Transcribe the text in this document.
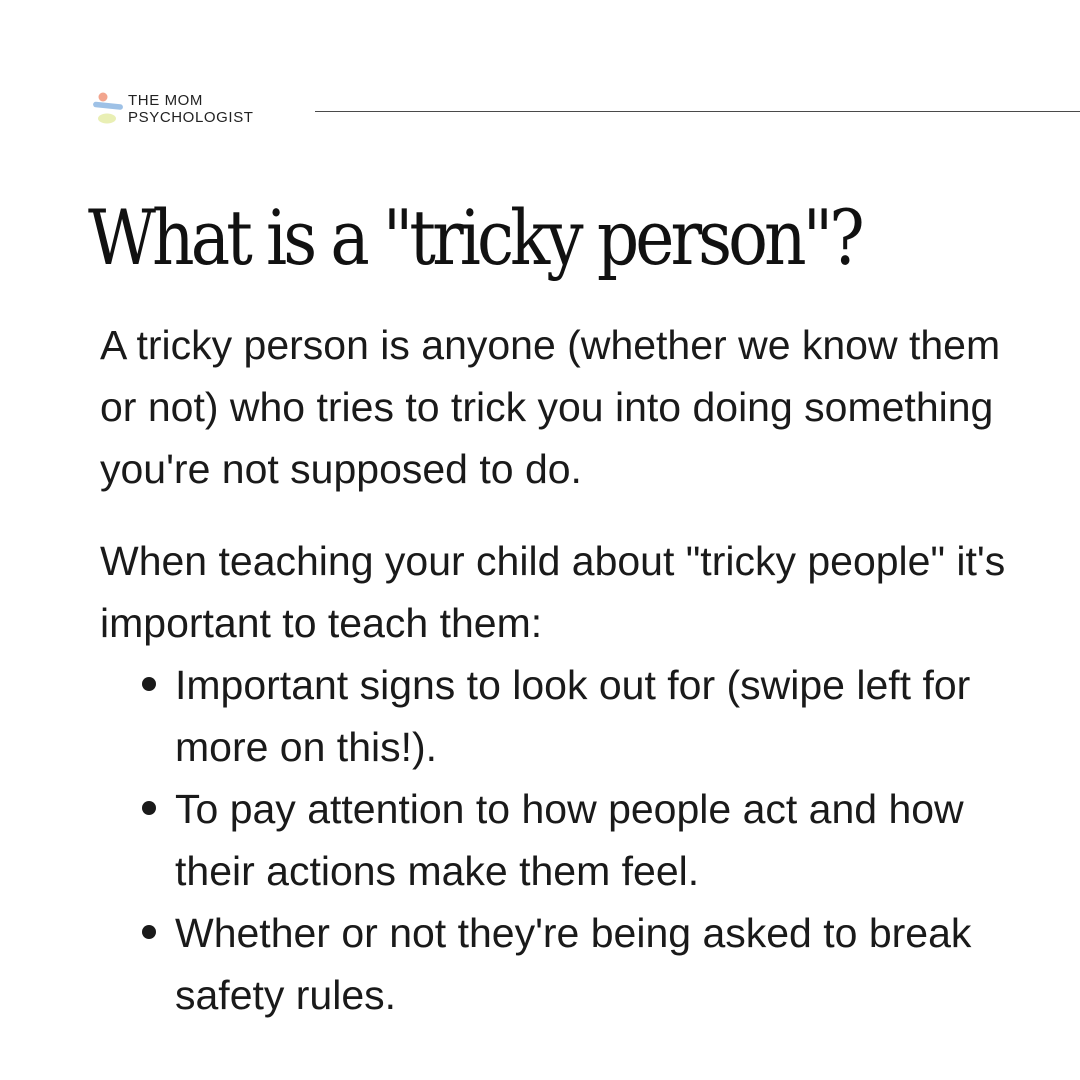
THE MOM
PSYCHOLOGIST
What is a "tricky person"?

A tricky person is anyone (whether we know them or not) who tries to trick you into doing something you're not supposed to do.

When teaching your child about "tricky people" it's important to teach them:

Important signs to look out for (swipe left for more on this!).
To pay attention to how people act and how their actions make them feel.
Whether or not they're being asked to break safety rules.
